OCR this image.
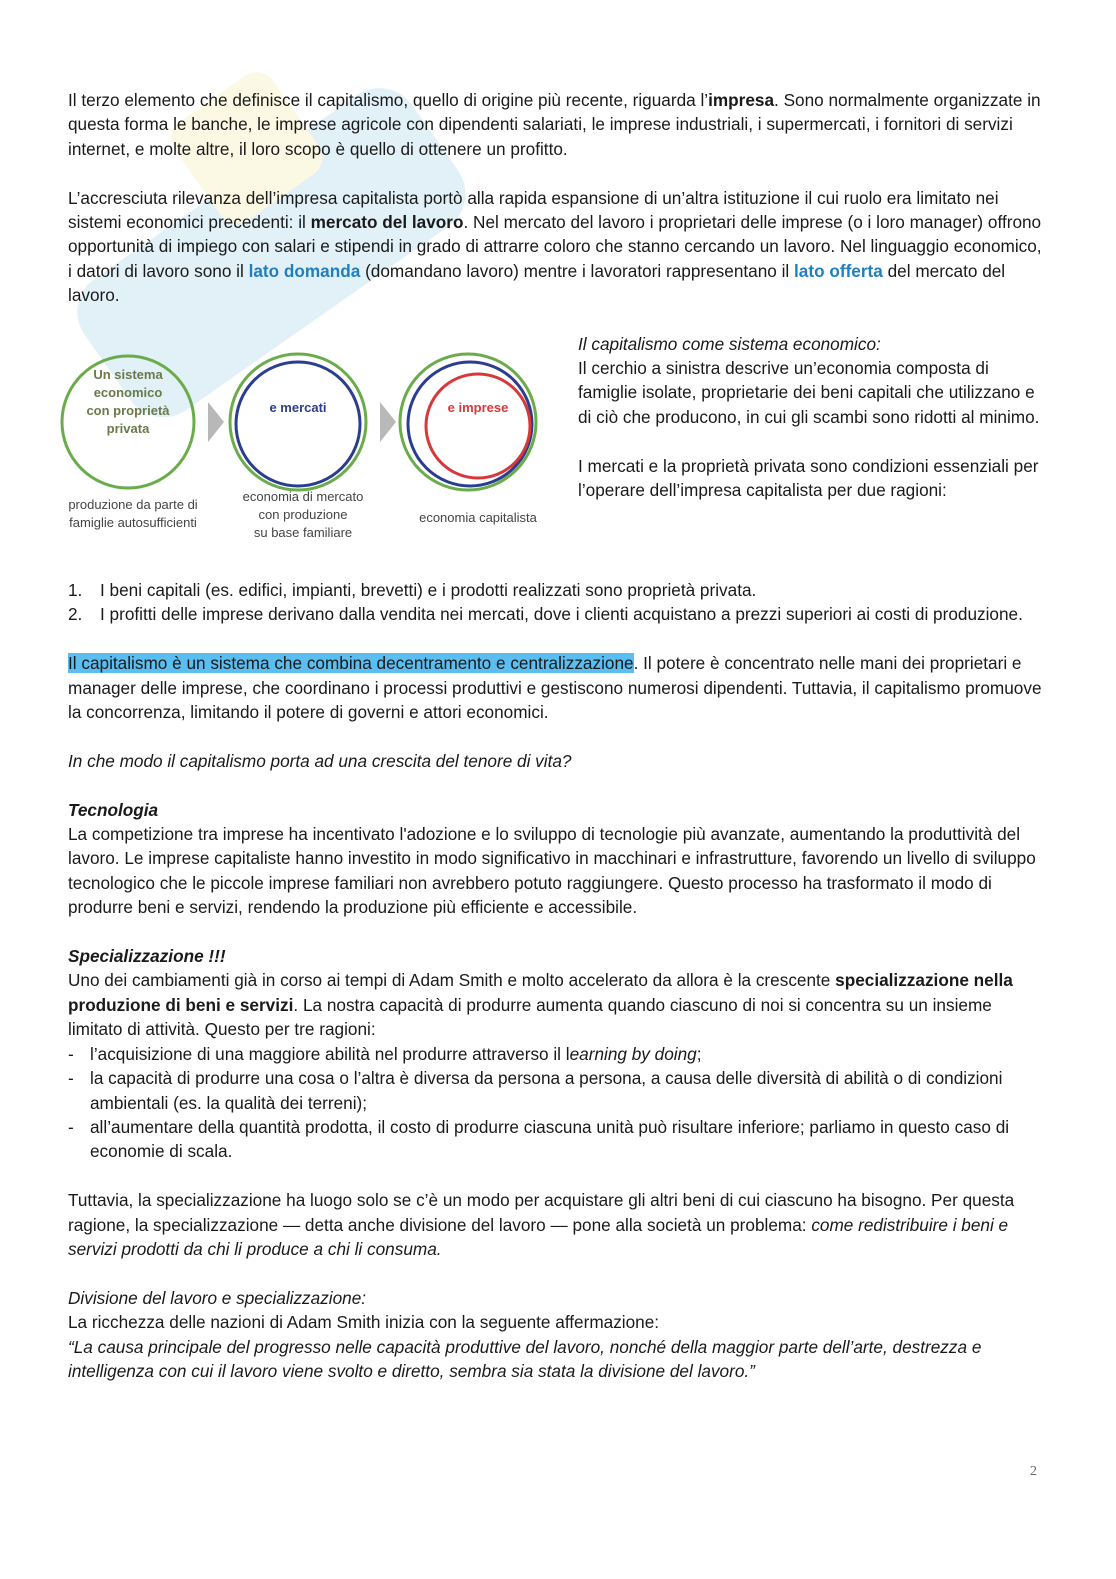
Il terzo elemento che definisce il capitalismo, quello di origine più recente, riguarda l’impresa. Sono normalmente organizzate in questa forma le banche, le imprese agricole con dipendenti salariati, le imprese industriali, i supermercati, i fornitori di servizi internet, e molte altre, il loro scopo è quello di ottenere un profitto.

L’accresciuta rilevanza dell’impresa capitalista portò alla rapida espansione di un’altra istituzione il cui ruolo era limitato nei sistemi economici precedenti: il mercato del lavoro. Nel mercato del lavoro i proprietari delle imprese (o i loro manager) offrono opportunità di impiego con salari e stipendi in grado di attrarre coloro che stanno cercando un lavoro. Nel linguaggio economico, i datori di lavoro sono il lato domanda (domandano lavoro) mentre i lavoratori rappresentano il lato offerta del mercato del lavoro.

Un sistema
economico
con proprietà
privata
e mercati	e imprese
produzione da parte di
famiglie autosufficienti
economia di mercato
con produzione
su base familiare
economia capitalista

Il capitalismo come sistema economico:

Il cerchio a sinistra descrive un’economia composta di famiglie isolate, proprietarie dei beni capitali che utilizzano e di ciò che producono, in cui gli scambi sono ridotti al minimo.

I mercati e la proprietà privata sono condizioni essenziali per l’operare dell’impresa capitalista per due ragioni:

1.	I beni capitali (es. edifici, impianti, brevetti) e i prodotti realizzati sono proprietà privata.
2.	I profitti delle imprese derivano dalla vendita nei mercati, dove i clienti acquistano a prezzi superiori ai costi di produzione.

Il capitalismo è un sistema che combina decentramento e centralizzazione. Il potere è concentrato nelle mani dei proprietari e manager delle imprese, che coordinano i processi produttivi e gestiscono numerosi dipendenti. Tuttavia, il capitalismo promuove la concorrenza, limitando il potere di governi e attori economici.

In che modo il capitalismo porta ad una crescita del tenore di vita?

Tecnologia

La competizione tra imprese ha incentivato l'adozione e lo sviluppo di tecnologie più avanzate, aumentando la produttività del lavoro. Le imprese capitaliste hanno investito in modo significativo in macchinari e infrastrutture, favorendo un livello di sviluppo tecnologico che le piccole imprese familiari non avrebbero potuto raggiungere. Questo processo ha trasformato il modo di produrre beni e servizi, rendendo la produzione più efficiente e accessibile.

Specializzazione !!!

Uno dei cambiamenti già in corso ai tempi di Adam Smith e molto accelerato da allora è la crescente specializzazione nella produzione di beni e servizi. La nostra capacità di produrre aumenta quando ciascuno di noi si concentra su un insieme limitato di attività. Questo per tre ragioni:

- l’acquisizione di una maggiore abilità nel produrre attraverso il learning by doing;
- la capacità di produrre una cosa o l’altra è diversa da persona a persona, a causa delle diversità di abilità o di condizioni ambientali (es. la qualità dei terreni);
- all’aumentare della quantità prodotta, il costo di produrre ciascuna unità può risultare inferiore; parliamo in questo caso di economie di scala.

Tuttavia, la specializzazione ha luogo solo se c’è un modo per acquistare gli altri beni di cui ciascuno ha bisogno. Per questa ragione, la specializzazione — detta anche divisione del lavoro — pone alla società un problema: come redistribuire i beni e servizi prodotti da chi li produce a chi li consuma.

Divisione del lavoro e specializzazione:

La ricchezza delle nazioni di Adam Smith inizia con la seguente affermazione:

“La causa principale del progresso nelle capacità produttive del lavoro, nonché della maggior parte dell’arte, destrezza e intelligenza con cui il lavoro viene svolto e diretto, sembra sia stata la divisione del lavoro.”

2
